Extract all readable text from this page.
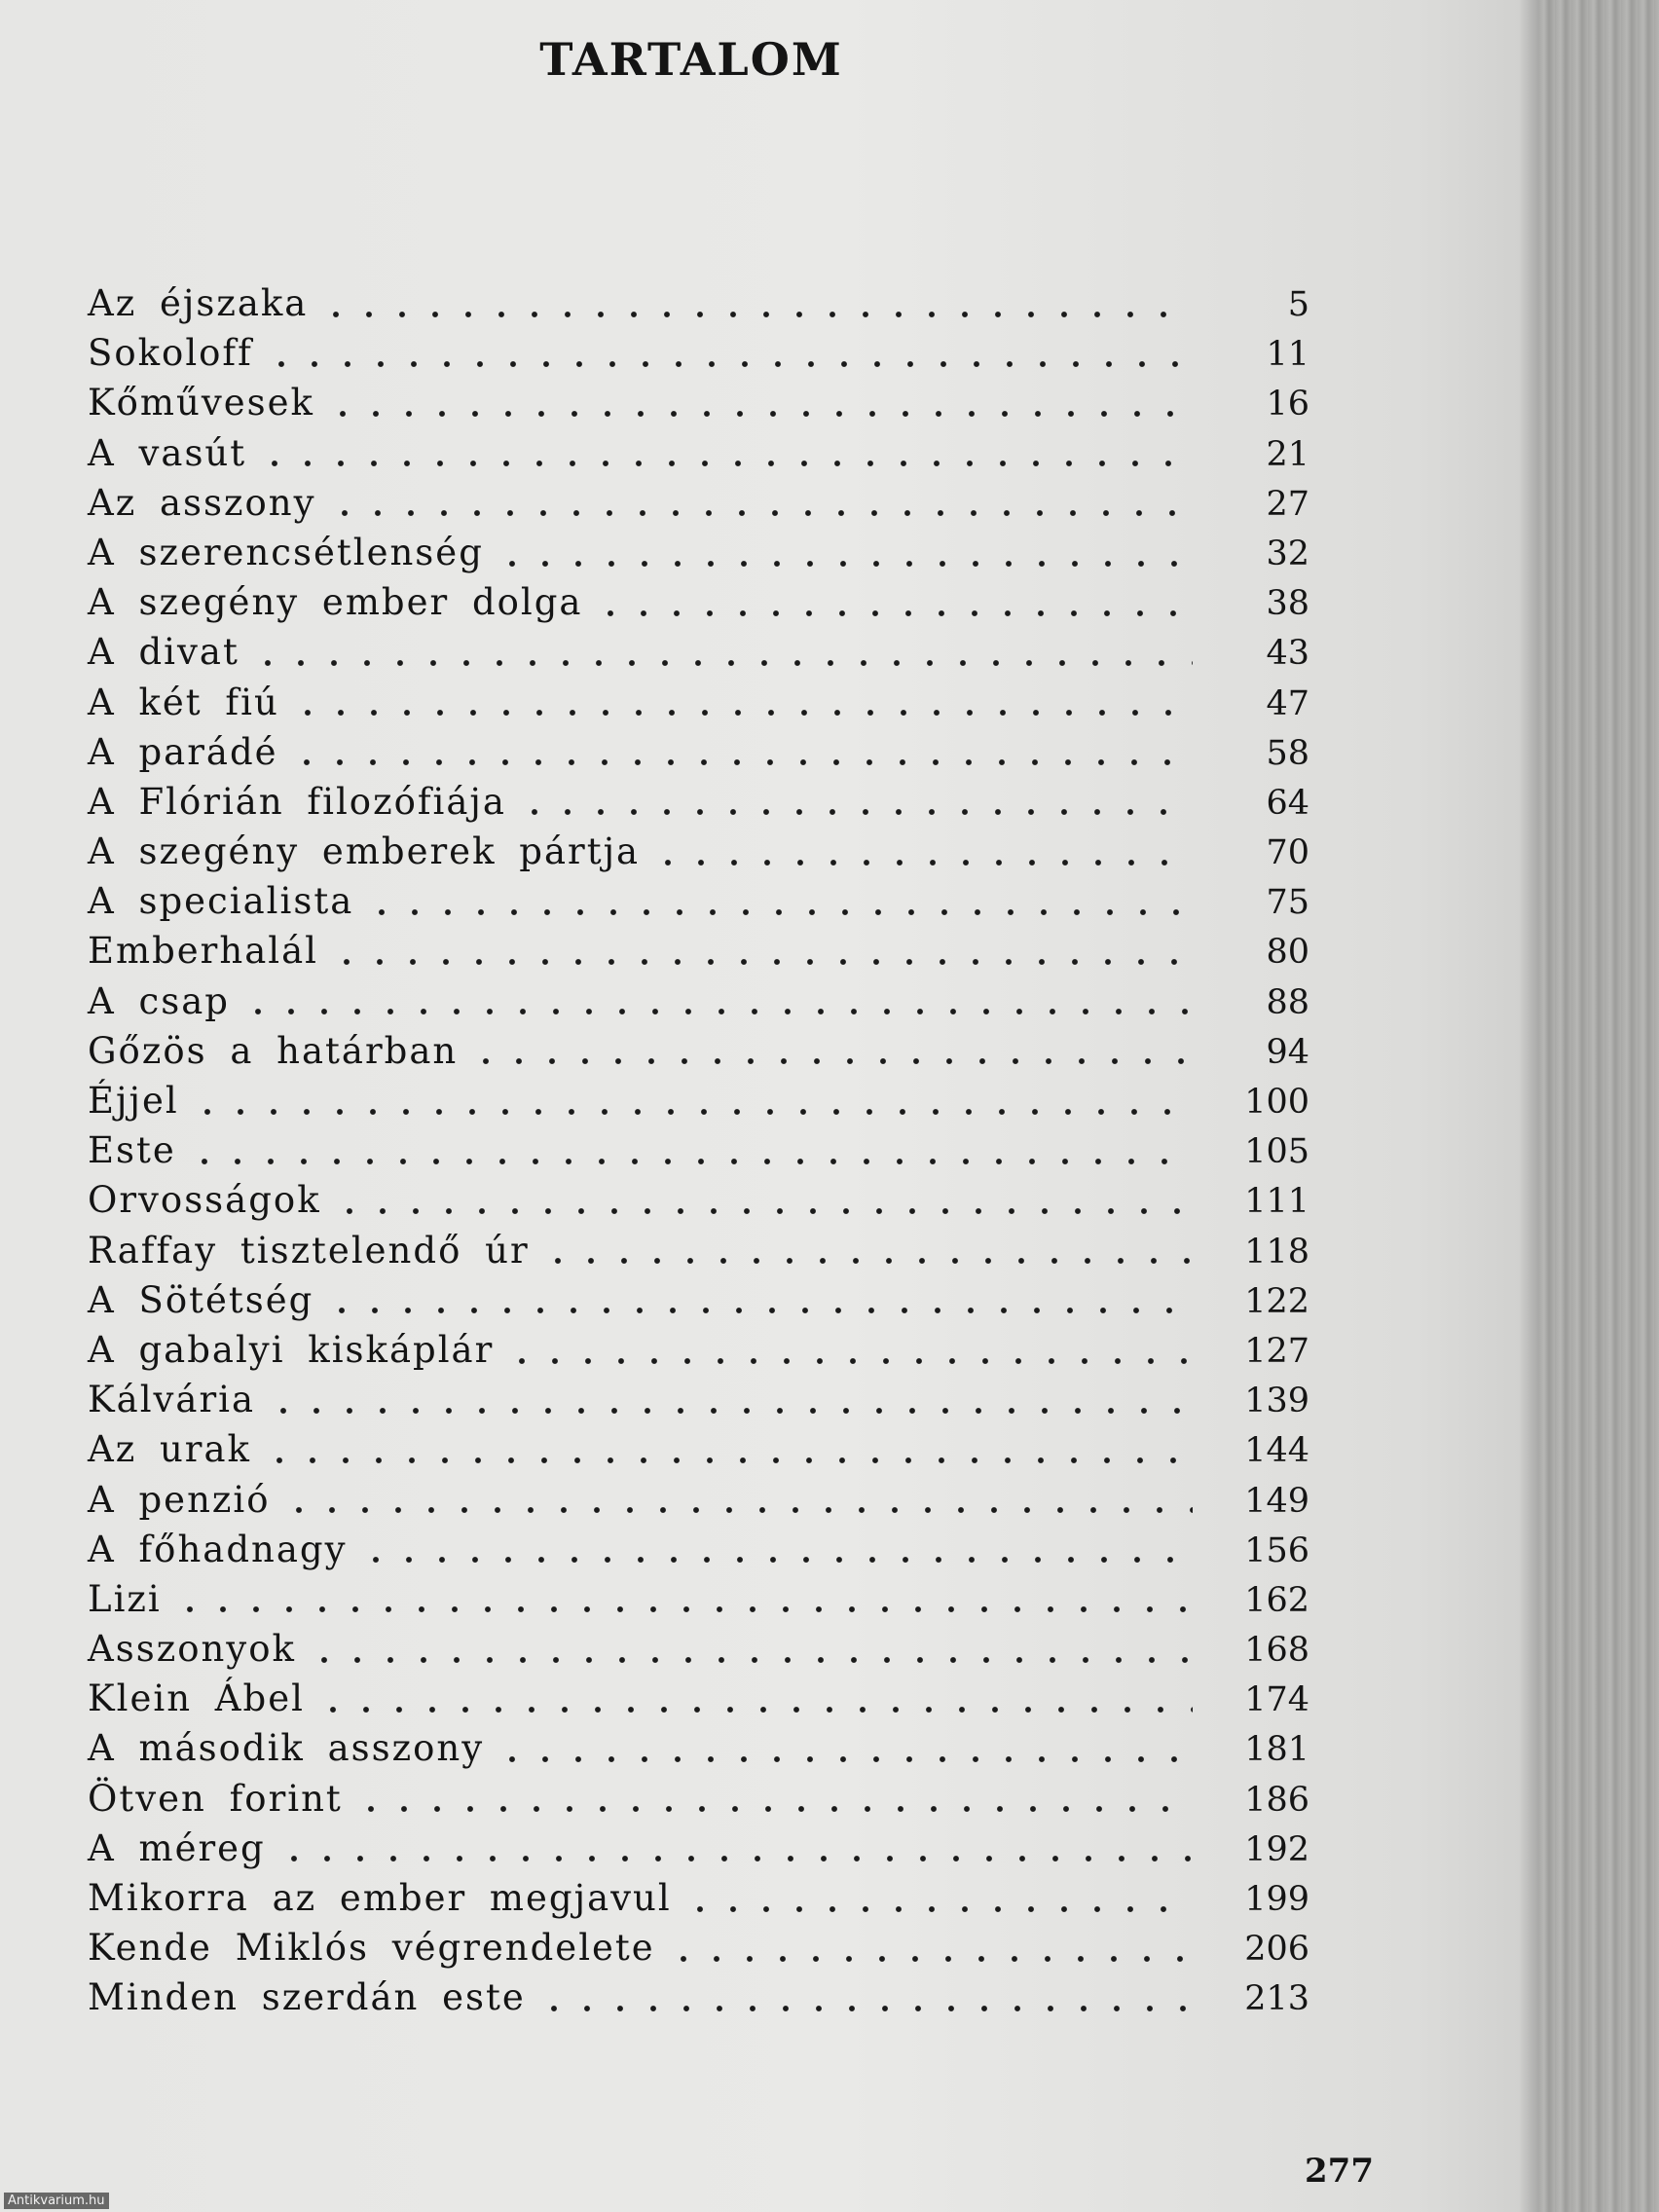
TARTALOM
Az éjszaka	5
Sokoloff	11
Kőművesek	16
A vasút	21
Az asszony	27
A szerencsétlenség	32
A szegény ember dolga	38
A divat	43
A két fiú	47
A parádé	58
A Flórián filozófiája	64
A szegény emberek pártja	70
A specialista	75
Emberhalál	80
A csap	88
Gőzös a határban	94
Éjjel	100
Este	105
Orvosságok	111
Raffay tisztelendő úr	118
A Sötétség	122
A gabalyi kiskáplár	127
Kálvária	139
Az urak	144
A penzió	149
A főhadnagy	156
Lizi	162
Asszonyok	168
Klein Ábel	174
A második asszony	181
Ötven forint	186
A méreg	192
Mikorra az ember megjavul	199
Kende Miklós végrendelete	206
Minden szerdán este	213
277
Antikvarium.hu
